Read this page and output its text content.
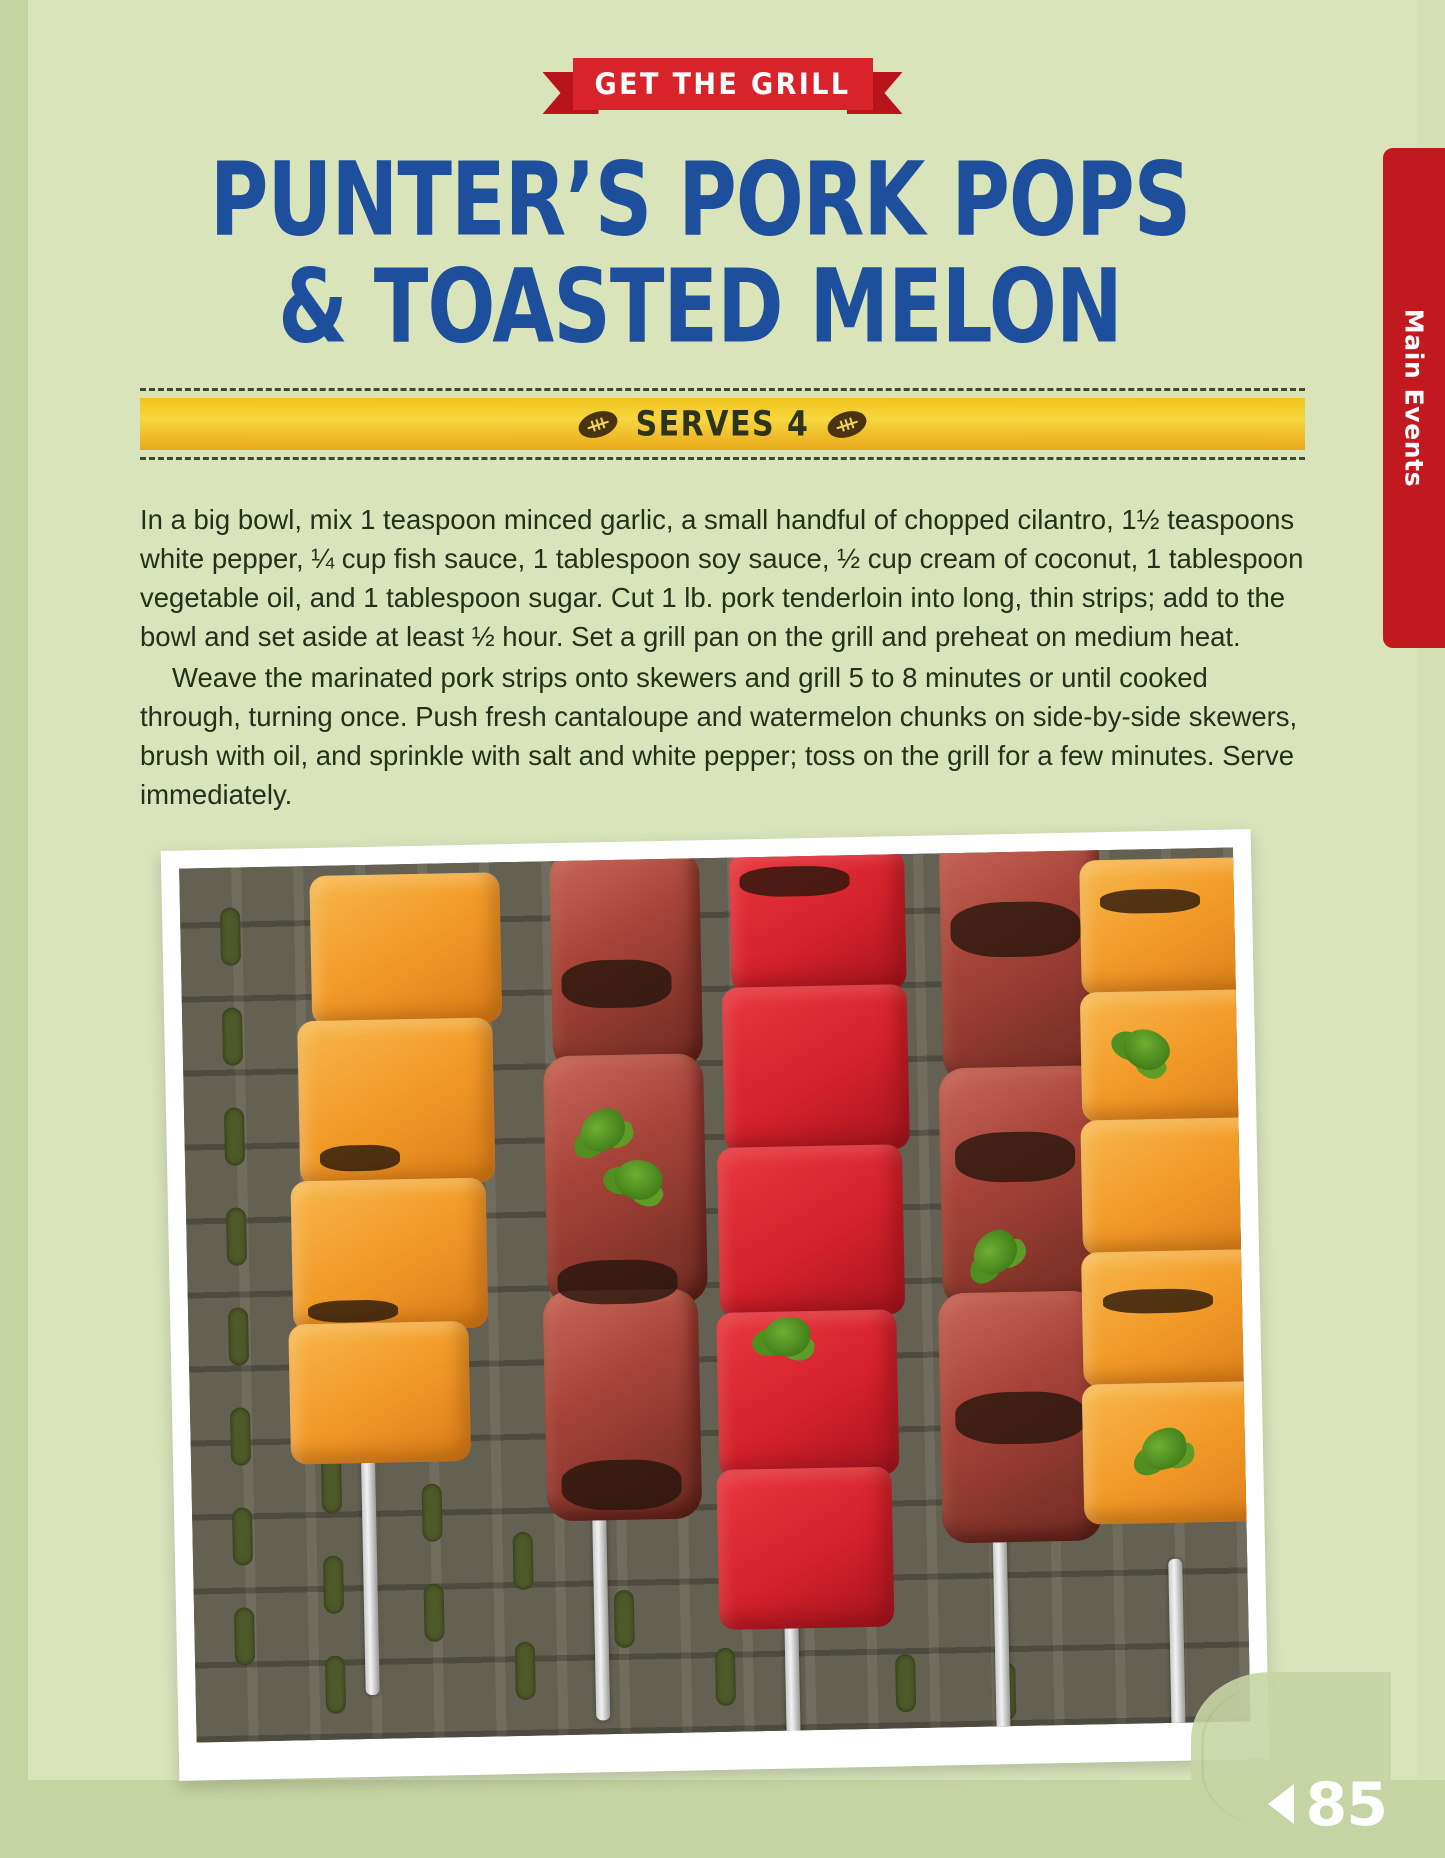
GET THE GRILL
PUNTER’S PORK POPS
& TOASTED MELON
SERVES 4

In a big bowl, mix 1 teaspoon minced garlic, a small handful of chopped cilantro, 1½ teaspoons white pepper, ¼ cup fish sauce, 1 tablespoon soy sauce, ½ cup cream of coconut, 1 tablespoon vegetable oil, and 1 tablespoon sugar. Cut 1 lb. pork tenderloin into long, thin strips; add to the bowl and set aside at least ½ hour. Set a grill pan on the grill and preheat on medium heat.

Weave the marinated pork strips onto skewers and grill 5 to 8 minutes or until cooked through, turning once. Push fresh cantaloupe and watermelon chunks on side-by-side skewers, brush with oil, and sprinkle with salt and white pepper; toss on the grill for a few minutes. Serve immediately.

Main Events
85
